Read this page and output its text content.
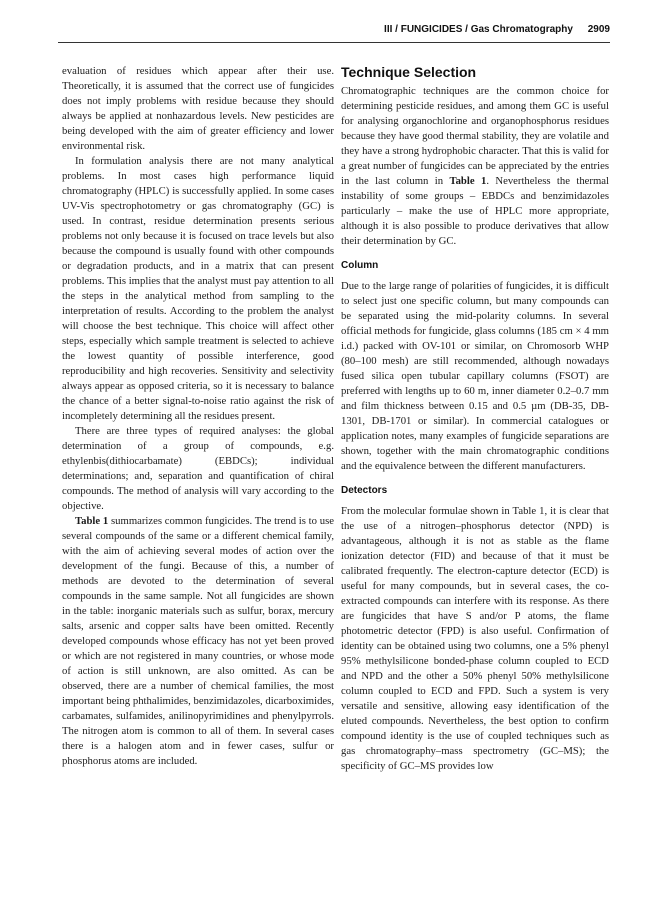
III / FUNGICIDES / Gas Chromatography 2909

evaluation of residues which appear after their use. Theoretically, it is assumed that the correct use of fungicides does not imply problems with residue because they should always be applied at nonhazardous levels. New pesticides are being developed with the aim of greater efficiency and lower environmental risk.

In formulation analysis there are not many analytical problems. In most cases high performance liquid chromatography (HPLC) is successfully applied. In some cases UV-Vis spectrophotometry or gas chromatography (GC) is used. In contrast, residue determination presents serious problems not only because it is focused on trace levels but also because the compound is usually found with other compounds or degradation products, and in a matrix that can present problems. This implies that the analyst must pay attention to all the steps in the analytical method from sampling to the interpretation of results. According to the problem the analyst will choose the best technique. This choice will affect other steps, especially which sample treatment is selected to achieve the lowest quantity of possible interference, good reproducibility and high recoveries. Sensitivity and selectivity always appear as opposed criteria, so it is necessary to balance the chance of a better signal-to-noise ratio against the risk of incompletely determining all the residues present.

There are three types of required analyses: the global determination of a group of compounds, e.g. ethylenbis(dithiocarbamate) (EBDCs); individual determinations; and, separation and quantification of chiral compounds. The method of analysis will vary according to the objective.

Table 1 summarizes common fungicides. The trend is to use several compounds of the same or a different chemical family, with the aim of achieving several modes of action over the development of the fungi. Because of this, a number of methods are devoted to the determination of several compounds in the same sample. Not all fungicides are shown in the table: inorganic materials such as sulfur, borax, mercury salts, arsenic and copper salts have been omitted. Recently developed compounds whose efficacy has not yet been proved or which are not registered in many countries, or whose mode of action is still unknown, are also omitted. As can be observed, there are a number of chemical families, the most important being phthalimides, benzimidazoles, dicarboximides, carbamates, sulfamides, anilinopyrimidines and phenylpyrrols. The nitrogen atom is common to all of them. In several cases there is a halogen atom and in fewer cases, sulfur or phosphorus atoms are included.

Technique Selection

Chromatographic techniques are the common choice for determining pesticide residues, and among them GC is useful for analysing organochlorine and organophosphorus residues because they have good thermal stability, they are volatile and they have a strong hydrophobic character. That this is valid for a great number of fungicides can be appreciated by the entries in the last column in Table 1. Nevertheless the thermal instability of some groups – EBDCs and benzimidazoles particularly – make the use of HPLC more appropriate, although it is also possible to produce derivatives that allow their determination by GC.

Column

Due to the large range of polarities of fungicides, it is difficult to select just one specific column, but many compounds can be separated using the mid-polarity columns. In several official methods for fungicide, glass columns (185 cm × 4 mm i.d.) packed with OV-101 or similar, on Chromosorb WHP (80–100 mesh) are still recommended, although nowadays fused silica open tubular capillary columns (FSOT) are preferred with lengths up to 60 m, inner diameter 0.2–0.7 mm and film thickness between 0.15 and 0.5 µm (DB-35, DB-1301, DB-1701 or similar). In commercial catalogues or application notes, many examples of fungicide separations are shown, together with the main chromatographic conditions and the equivalence between the different manufacturers.

Detectors

From the molecular formulae shown in Table 1, it is clear that the use of a nitrogen–phosphorus detector (NPD) is advantageous, although it is not as stable as the flame ionization detector (FID) and because of that it must be calibrated frequently. The electron-capture detector (ECD) is useful for many compounds, but in several cases, the co-extracted compounds can interfere with its response. As there are fungicides that have S and/or P atoms, the flame photometric detector (FPD) is also useful. Confirmation of identity can be obtained using two columns, one a 5% phenyl 95% methylsilicone bonded-phase column coupled to ECD and NPD and the other a 50% phenyl 50% methylsilicone column coupled to ECD and FPD. Such a system is very versatile and sensitive, allowing easy identification of the eluted compounds. Nevertheless, the best option to confirm compound identity is the use of coupled techniques such as gas chromatography–mass spectrometry (GC–MS); the specificity of GC–MS provides low
